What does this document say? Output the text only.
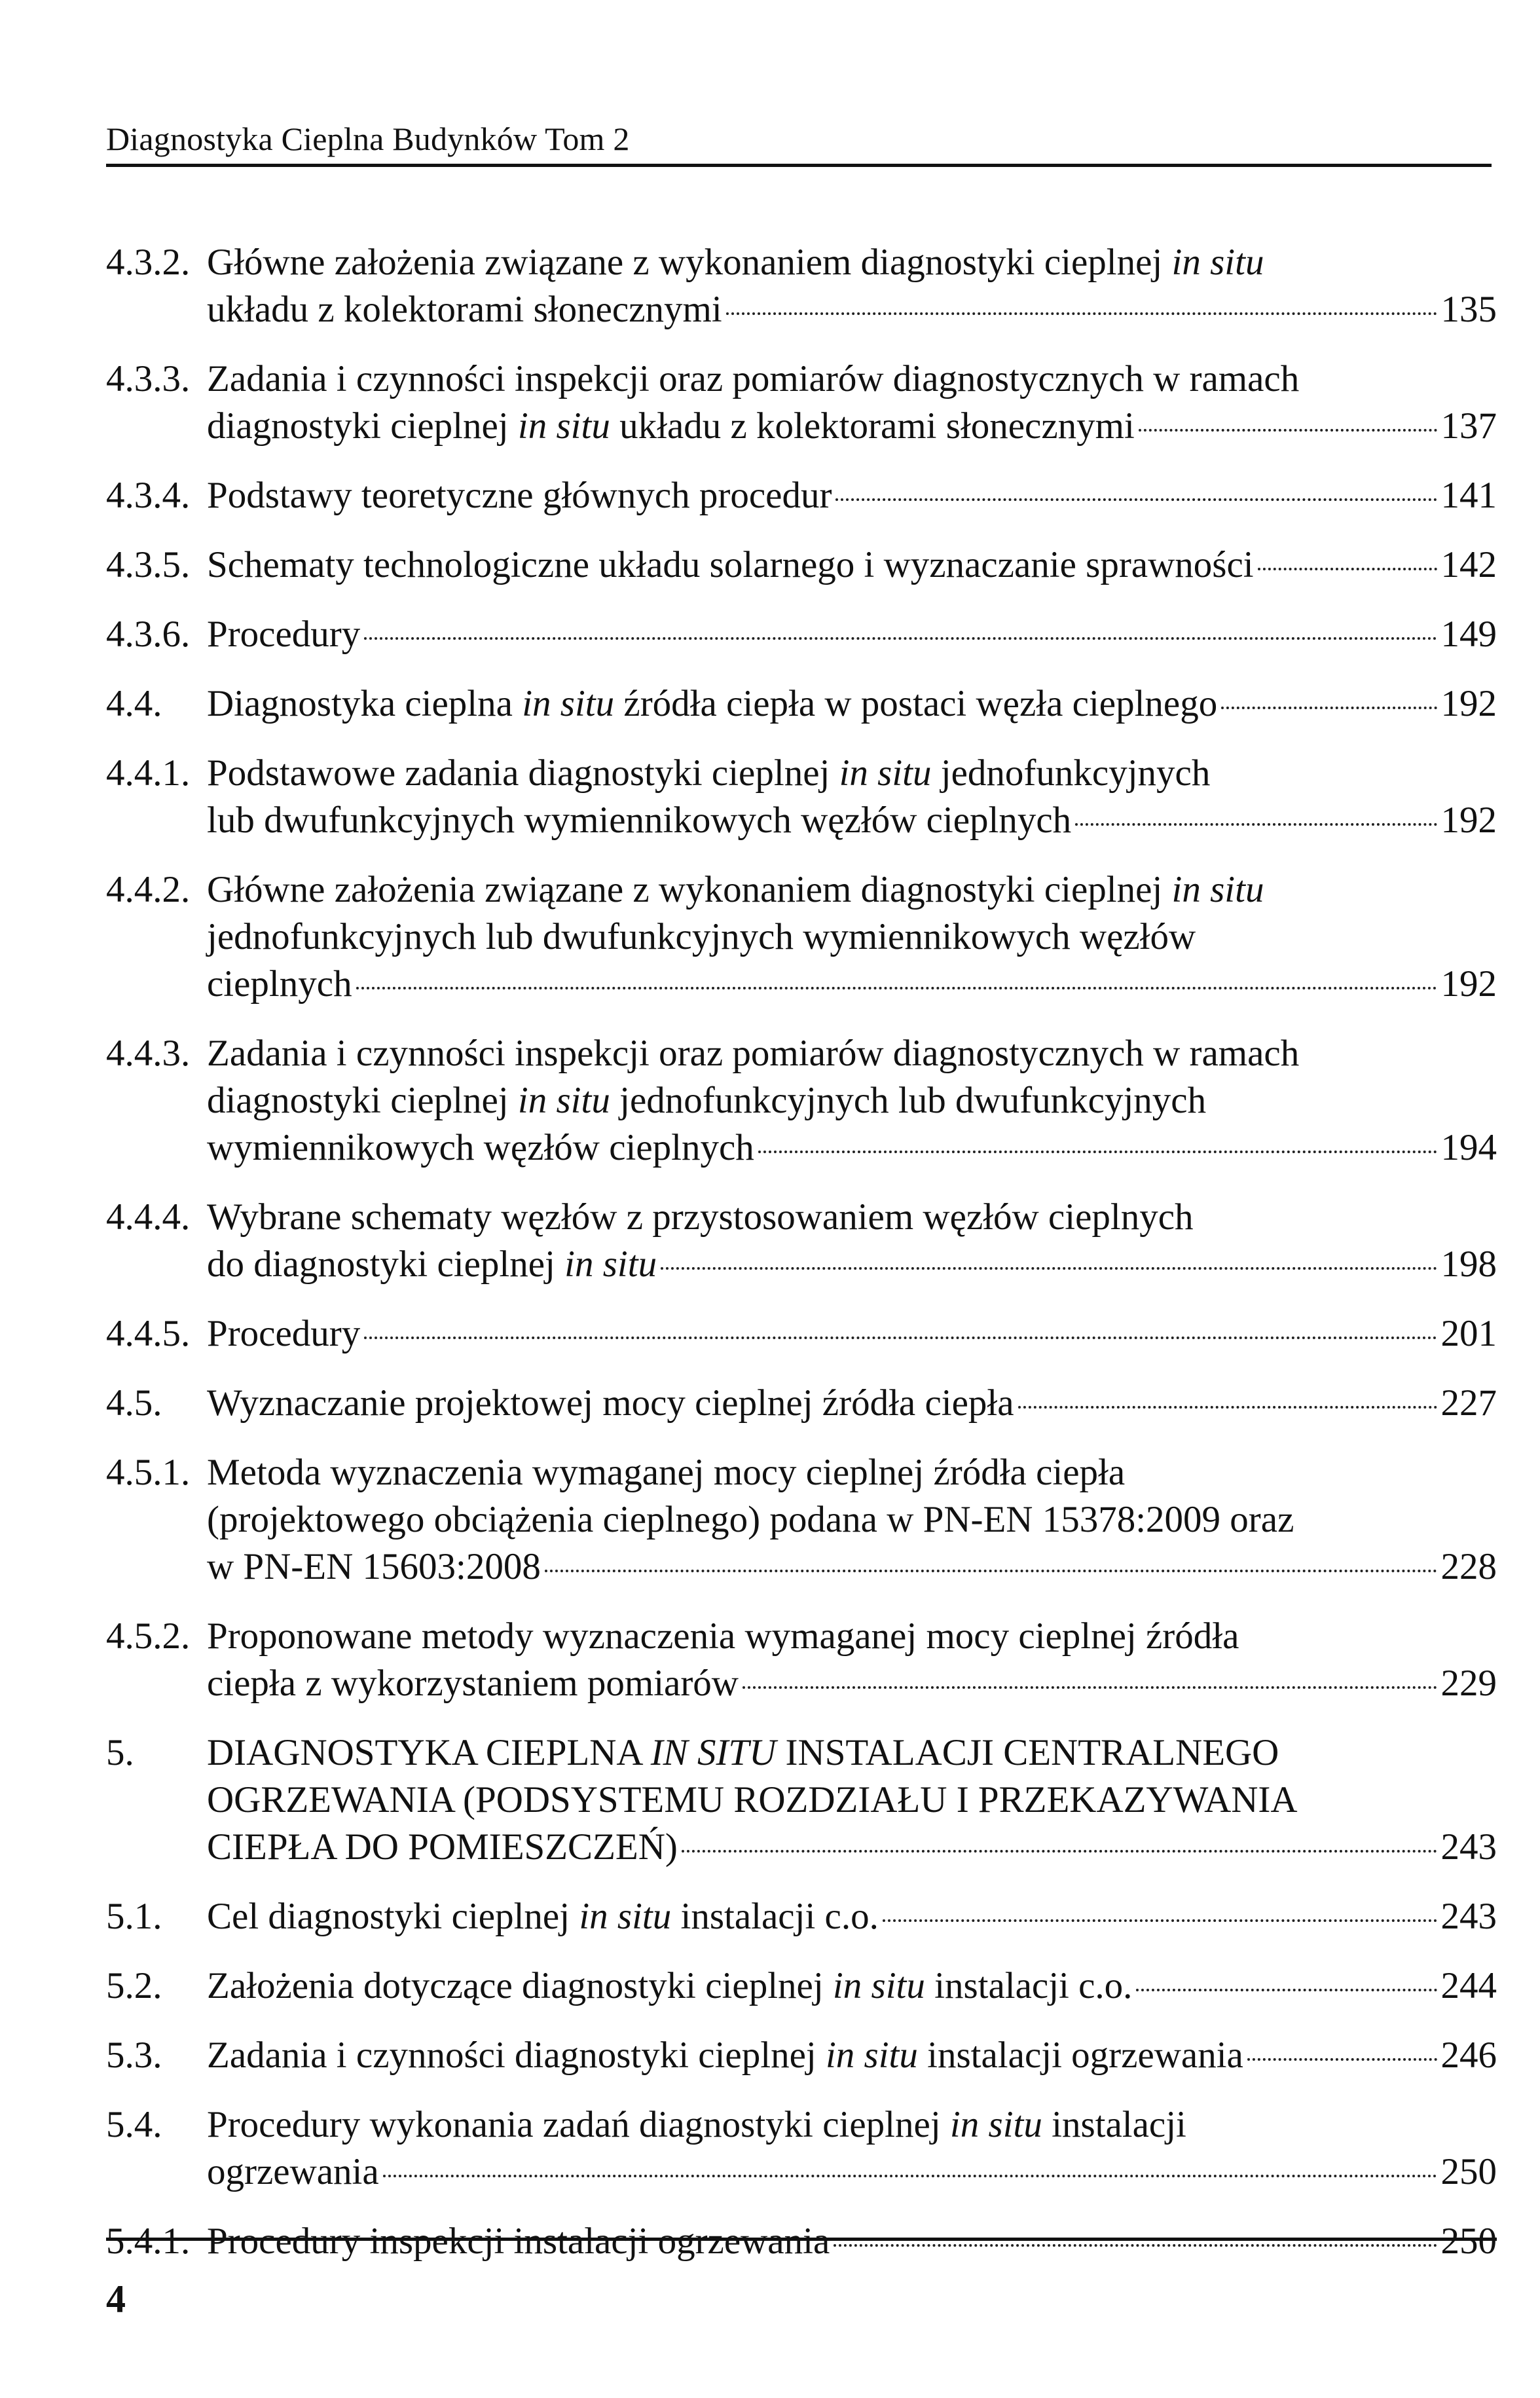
Diagnostyka Cieplna Budynków Tom 2
4.3.2. Główne założenia związane z wykonaniem diagnostyki cieplnej in situ
układu z kolektorami słonecznymi	135
4.3.3. Zadania i czynności inspekcji oraz pomiarów diagnostycznych w ramach
diagnostyki cieplnej in situ układu z kolektorami słonecznymi	137
4.3.4. Podstawy teoretyczne głównych procedur	141
4.3.5. Schematy technologiczne układu solarnego i wyznaczanie sprawności	142
4.3.6. Procedury	149
4.4.	Diagnostyka cieplna in situ źródła ciepła w postaci węzła cieplnego	192
4.4.1. Podstawowe zadania diagnostyki cieplnej in situ jednofunkcyjnych
lub dwufunkcyjnych wymiennikowych węzłów cieplnych	192
4.4.2. Główne założenia związane z wykonaniem diagnostyki cieplnej in situ
jednofunkcyjnych lub dwufunkcyjnych wymiennikowych węzłów
cieplnych	192
4.4.3. Zadania i czynności inspekcji oraz pomiarów diagnostycznych w ramach
diagnostyki cieplnej in situ jednofunkcyjnych lub dwufunkcyjnych
wymiennikowych węzłów cieplnych	194
4.4.4. Wybrane schematy węzłów z przystosowaniem węzłów cieplnych
do diagnostyki cieplnej in situ	198
4.4.5. Procedury	201
4.5.	Wyznaczanie projektowej mocy cieplnej źródła ciepła	227
4.5.1. Metoda wyznaczenia wymaganej mocy cieplnej źródła ciepła
(projektowego obciążenia cieplnego) podana w PN-EN 15378:2009 oraz
w PN-EN 15603:2008	228
4.5.2. Proponowane metody wyznaczenia wymaganej mocy cieplnej źródła
ciepła z wykorzystaniem pomiarów	229
5.	DIAGNOSTYKA CIEPLNA IN SITU INSTALACJI CENTRALNEGO
OGRZEWANIA (PODSYSTEMU ROZDZIAŁU I PRZEKAZYWANIA
CIEPŁA DO POMIESZCZEŃ)	243
5.1.	Cel diagnostyki cieplnej in situ instalacji c.o.	243
5.2.	Założenia dotyczące diagnostyki cieplnej in situ instalacji c.o.	244
5.3.	Zadania i czynności diagnostyki cieplnej in situ instalacji ogrzewania	246
5.4.	Procedury wykonania zadań diagnostyki cieplnej in situ instalacji
ogrzewania	250
5.4.1. Procedury inspekcji instalacji ogrzewania	250
4
